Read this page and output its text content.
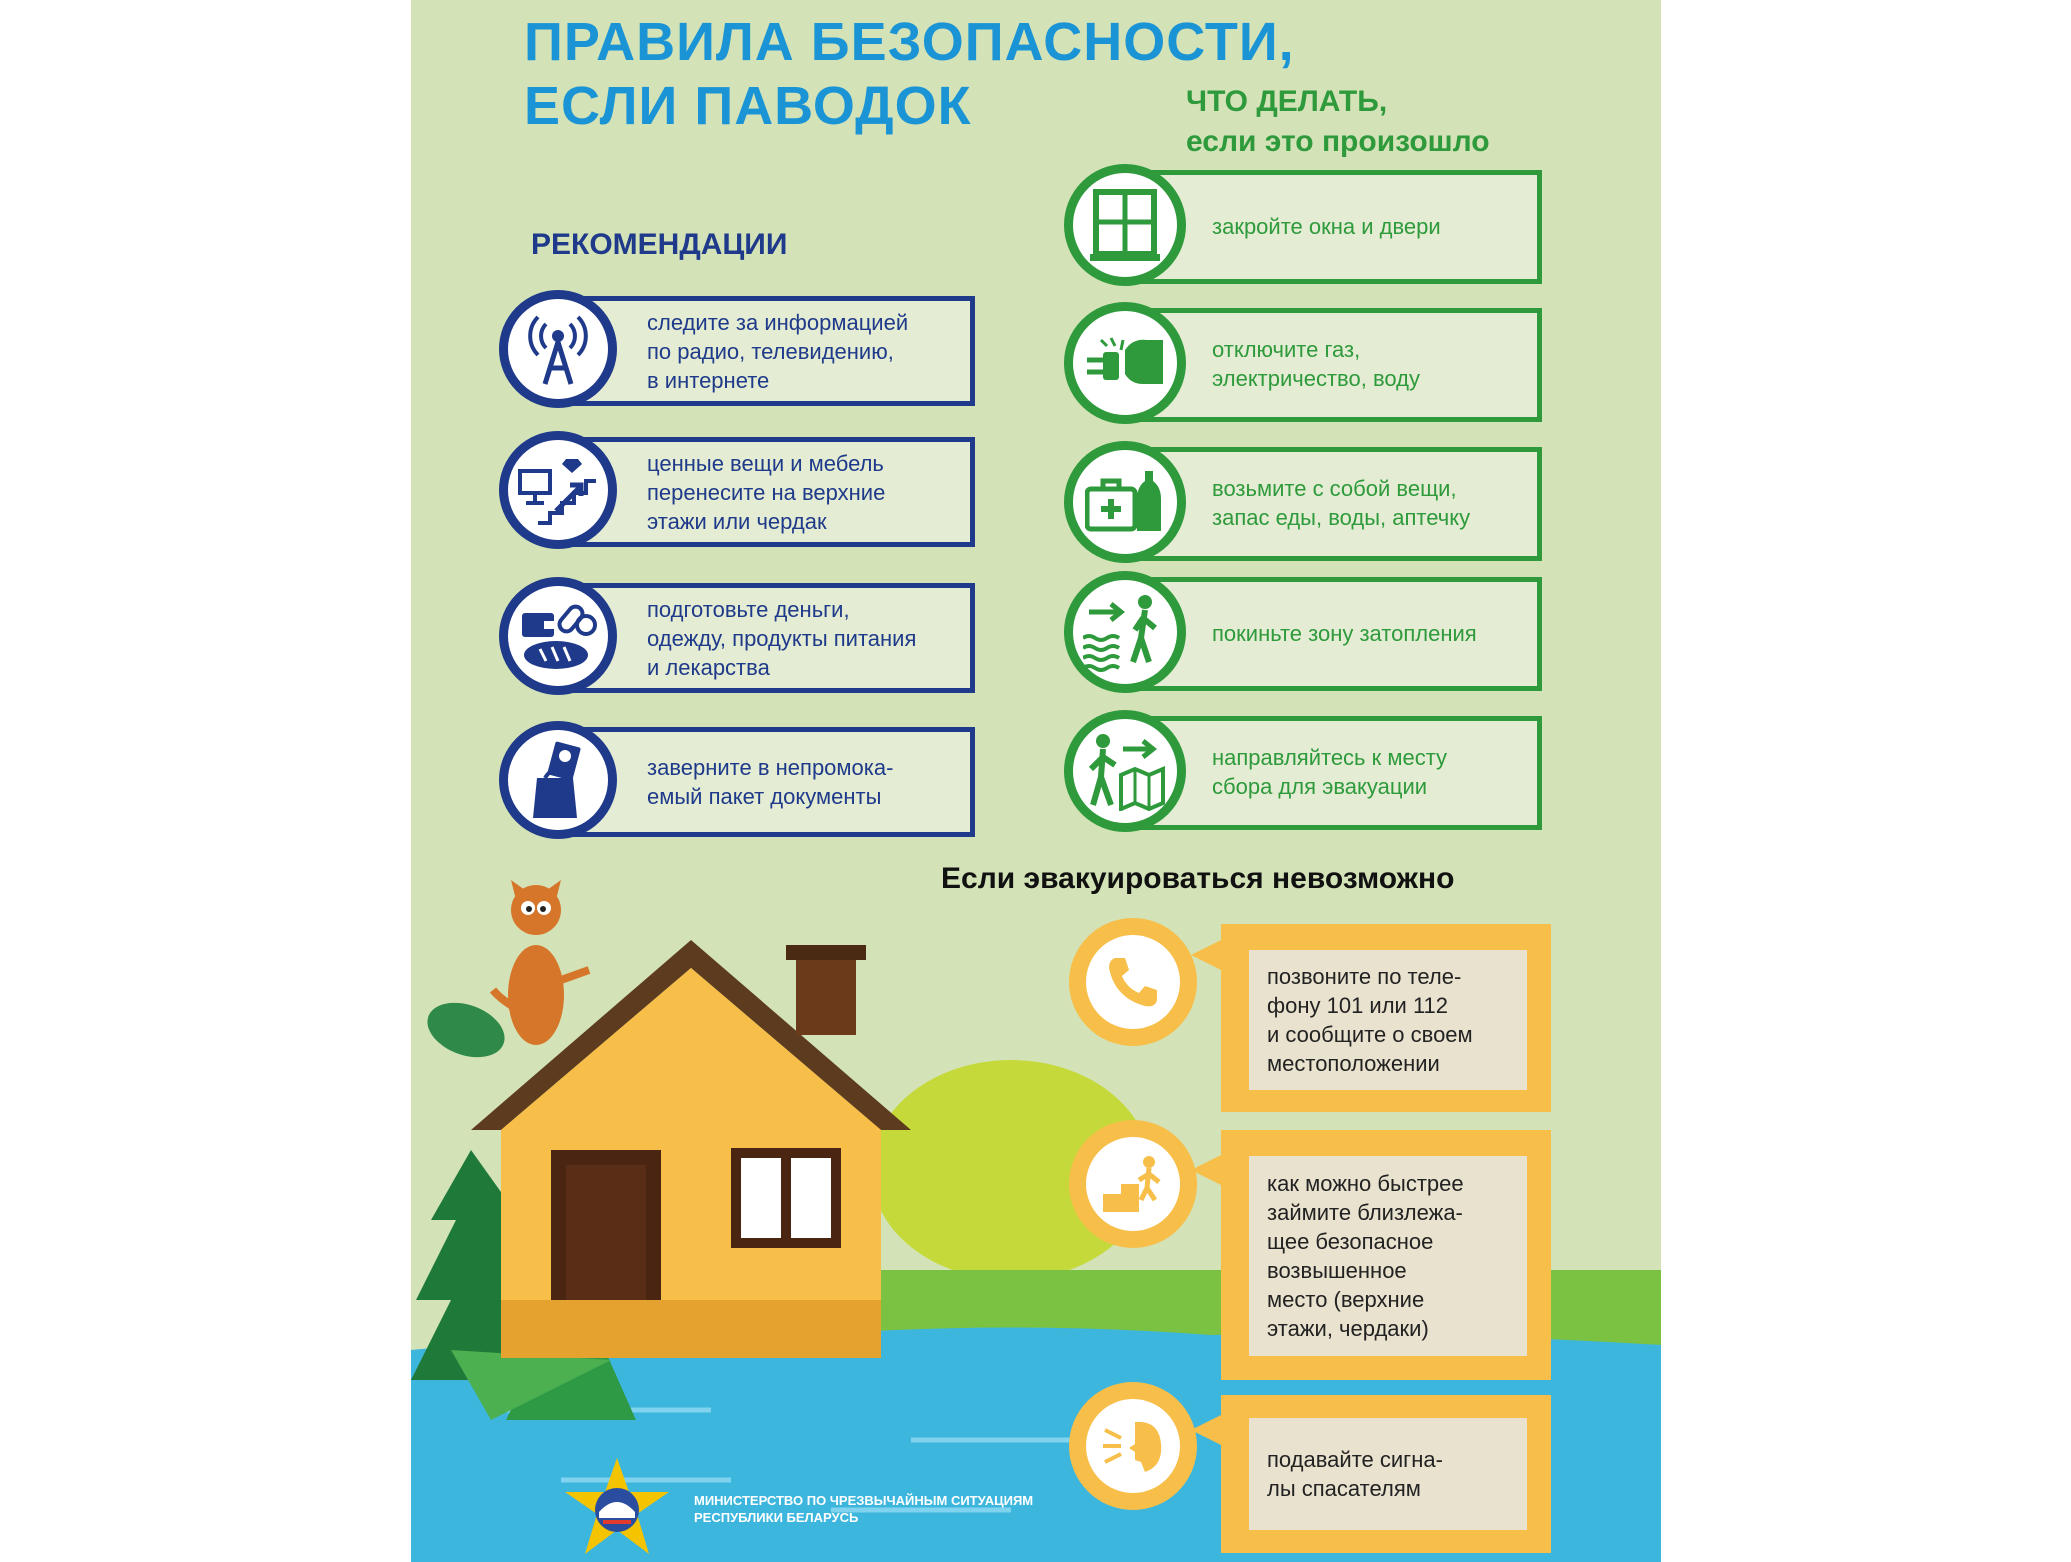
ПРАВИЛА БЕЗОПАСНОСТИ,
ЕСЛИ ПАВОДОК	ЧТО ДЕЛАТЬ,
если это произошло
РЕКОМЕНДАЦИИ
следите за информацией
по радио, телевидению,
в интернете
ценные вещи и мебель
перенесите на верхние
этажи или чердак
подготовьте деньги,
одежду, продукты питания
и лекарства
заверните в непромока-
емый пакет документы
закройте окна и двери
отключите газ,
электричество, воду
возьмите с собой вещи,
запас еды, воды, аптечку
покиньте зону затопления
направляйтесь к месту
сбора для эвакуации
Если эвакуироваться невозможно
позвоните по теле-
фону 101 или 112
и сообщите о своем
местоположении
как можно быстрее
займите близлежа-
щее безопасное
возвышенное
место (верхние
этажи, чердаки)
подавайте сигна-
лы спасателям
МИНИСТЕРСТВО ПО ЧРЕЗВЫЧАЙНЫМ СИТУАЦИЯМ
РЕСПУБЛИКИ БЕЛАРУСЬ
